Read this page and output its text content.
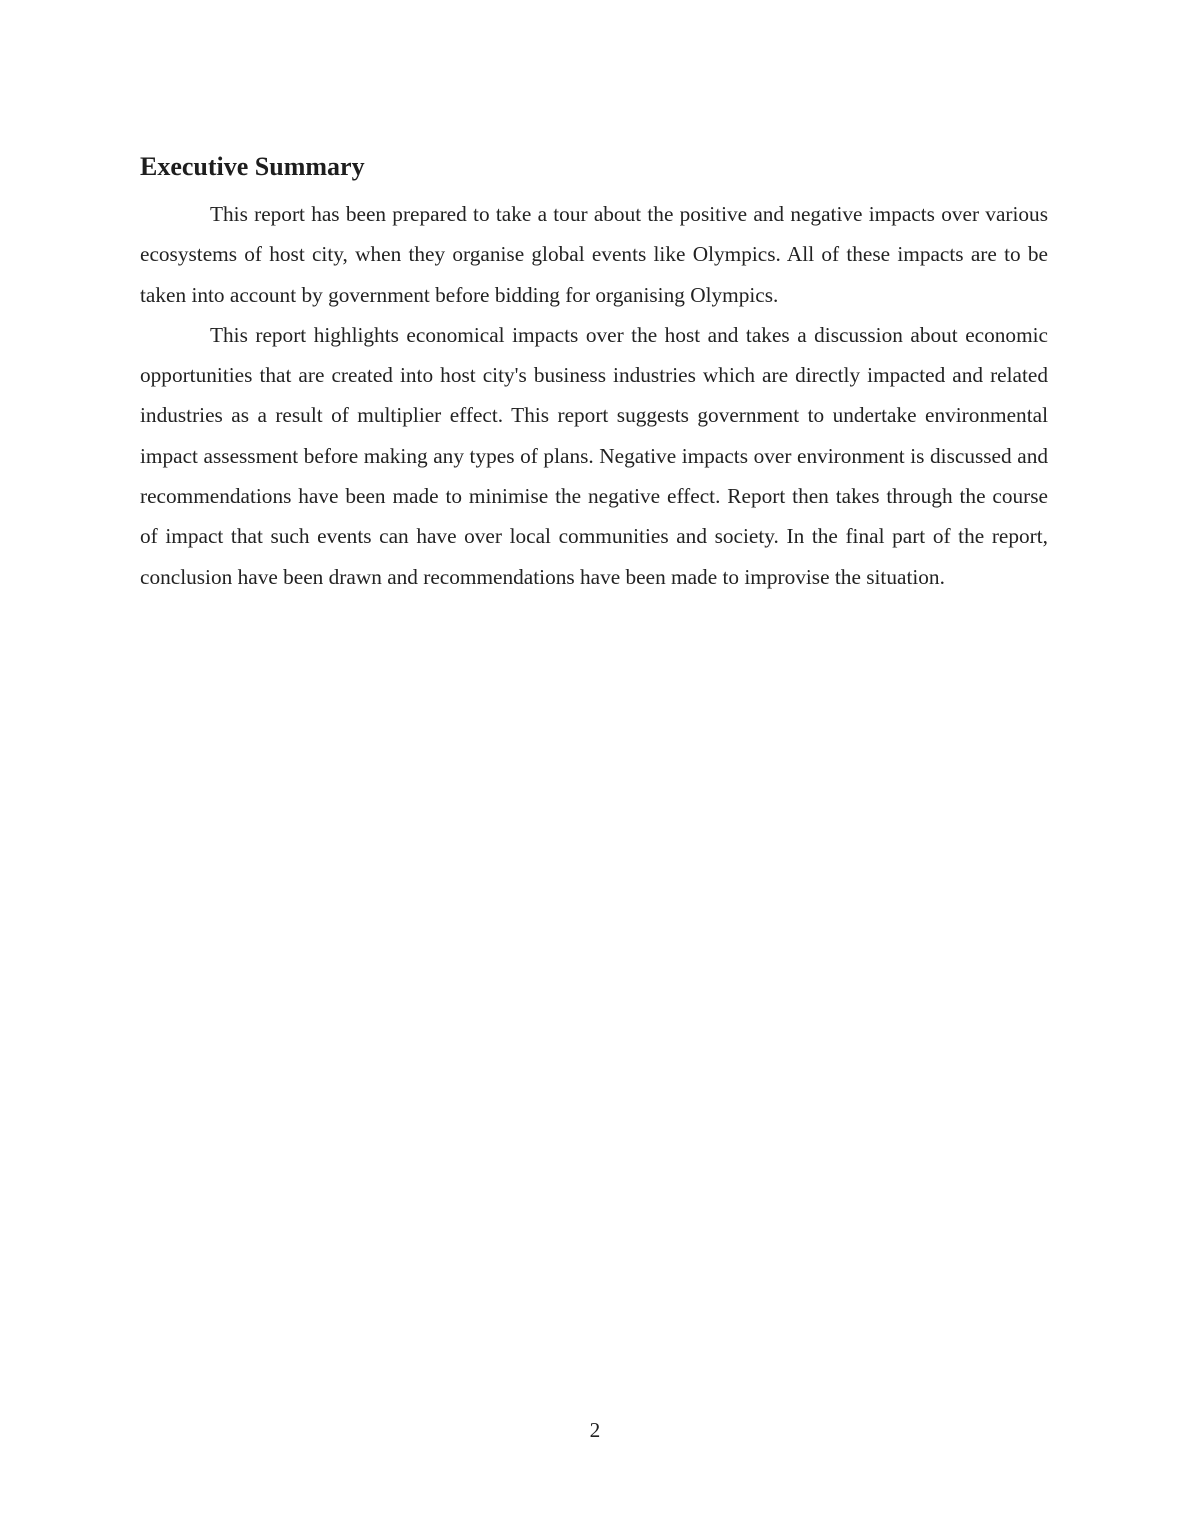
Executive Summary

This report has been prepared to take a tour about the positive and negative impacts over various ecosystems of host city, when they organise global events like Olympics. All of these impacts are to be taken into account by government before bidding for organising Olympics.

This report highlights economical impacts over the host and takes a discussion about economic opportunities that are created into host city's business industries which are directly impacted and related industries as a result of multiplier effect. This report suggests government to undertake environmental impact assessment before making any types of plans. Negative impacts over environment is discussed and recommendations have been made to minimise the negative effect. Report then takes through the course of impact that such events can have over local communities and society. In the final part of the report, conclusion have been drawn and recommendations have been made to improvise the situation.

2
